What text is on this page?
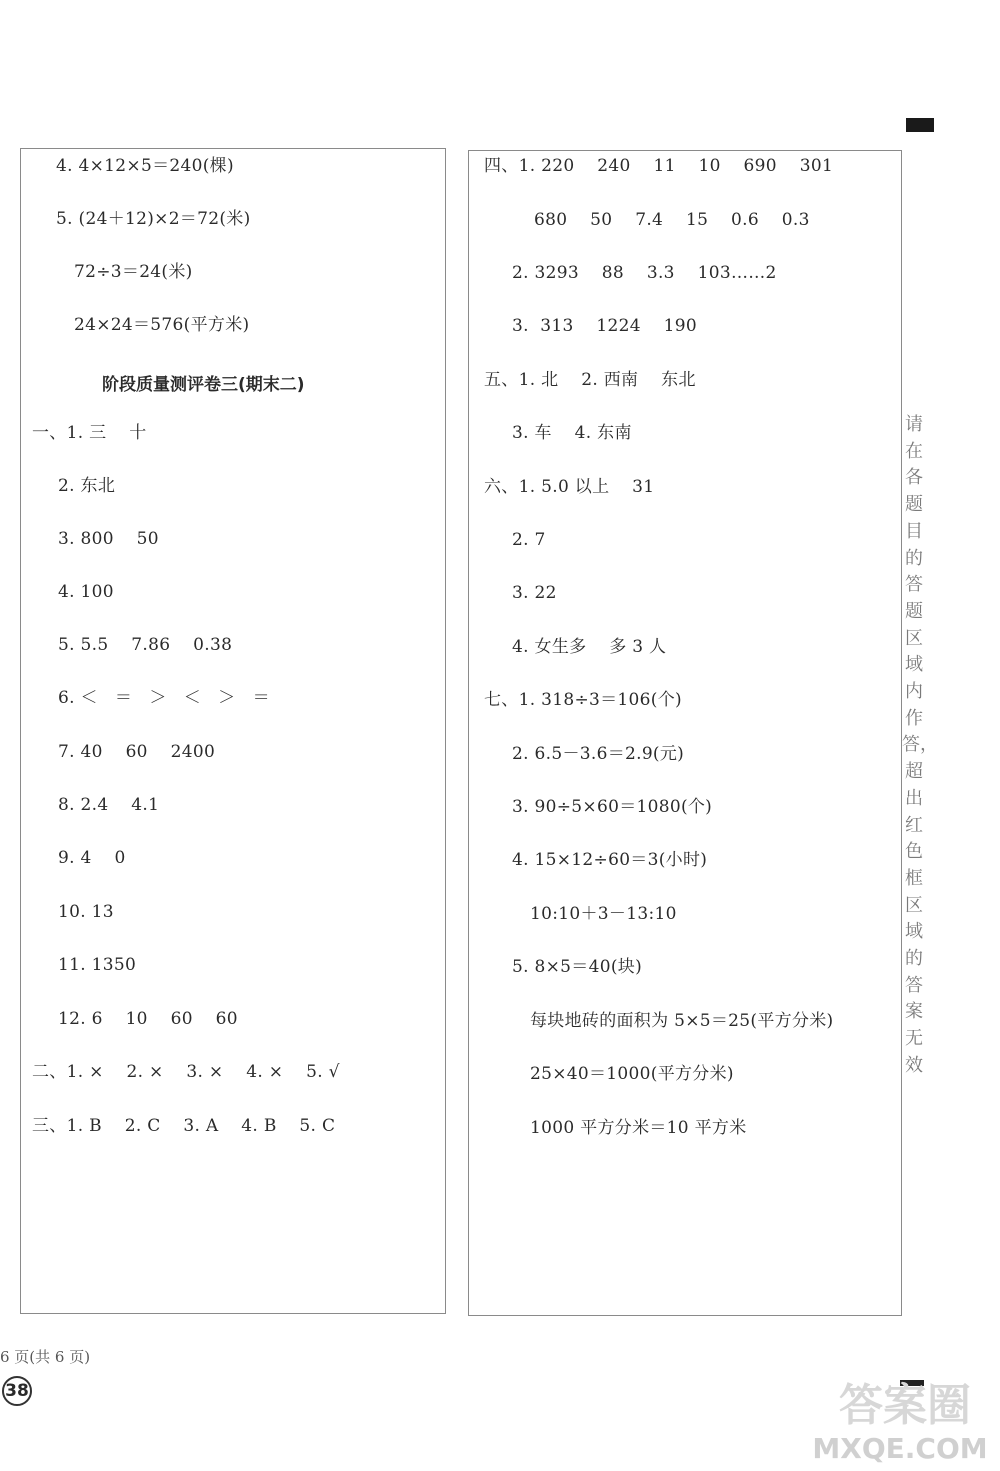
4. 4×12×5＝240(棵)
5. (24＋12)×2＝72(米)
72÷3＝24(米)
24×24＝576(平方米)
阶段质量测评卷三(期末二)
一、1. 三    十
2. 东北
3. 800    50
4. 100
5. 5.5    7.86    0.38
6. ＜   ＝   ＞   ＜   ＞   ＝
7. 40    60    2400
8. 2.4    4.1
9. 4    0
10. 13
11. 1350
12. 6    10    60    60
二、1. ×    2. ×    3. ×    4. ×    5. √
三、1. B    2. C    3. A    4. B    5. C
四、1. 220    240    11    10    690    301
680    50    7.4    15    0.6    0.3
2. 3293    88    3.3    103……2
3.  313    1224    190
五、1. 北    2. 西南    东北
3. 车    4. 东南
六、1. 5.0 以上    31
2. 7
3. 22
4. 女生多    多 3 人
七、1. 318÷3＝106(个)
2. 6.5－3.6＝2.9(元)
3. 90÷5×60＝1080(个)
4. 15×12÷60＝3(小时)
10:10＋3－13:10
5. 8×5＝40(块)
每块地砖的面积为 5×5＝25(平方分米)
25×40＝1000(平方分米)
1000 平方分米＝10 平方米
请在各题目的答题区域内作答，超出红色框区域的答案无效
6 页(共 6 页)
38	答案圈
MXQE.COM
